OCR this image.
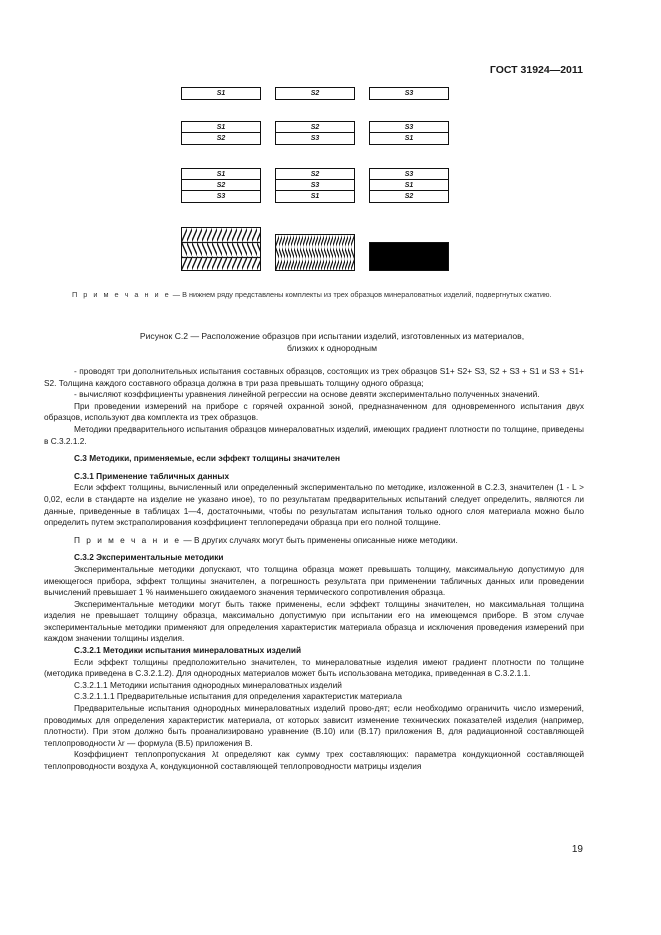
ГОСТ 31924—2011
S1	S2	S3
S1
S2
S2
S3
S3
S1
S1
S2
S3
S2
S3
S1
S3
S1
S2
П р и м е ч а н и е — В нижнем ряду представлены комплекты из трех образцов минераловатных изделий, подвергнутых сжатию.
Рисунок С.2 — Расположение образцов при испытании изделий, изготовленных из материалов,
близких к однородным

- проводят три дополнительных испытания составных образцов, состоящих из трех образцов S1+ S2+ S3, S2 + S3 + S1 и S3 + S1+ S2. Толщина каждого составного образца должна в три раза превышать толщину одного образца;

- вычисляют коэффициенты уравнения линейной регрессии на основе девяти экспериментально полученных значений.

При проведении измерений на приборе с горячей охранной зоной, предназначенном для одновременного испытания двух образцов, используют два комплекта из трех образцов.

Методики предварительного испытания образцов минераловатных изделий, имеющих градиент плотности по толщине, приведены в С.3.2.1.2.

С.3 Методики, применяемые, если эффект толщины значителен

С.3.1 Применение табличных данных

Если эффект толщины, вычисленный или определенный экспериментально по методике, изложенной в С.2.3, значителен (1 - L > 0,02, если в стандарте на изделие не указано иное), то по результатам предварительных испытаний следует определить, являются ли данные, приведенные в таблицах 1—4, достаточными, чтобы по результатам испытания только одного слоя материала можно было определить путем экстраполирования коэффициент теплопередачи образца при его полной толщине.

П р и м е ч а н и е — В других случаях могут быть применены описанные ниже методики.

С.3.2 Экспериментальные методики

Экспериментальные методики допускают, что толщина образца может превышать толщину, максимальную допустимую для имеющегося прибора, эффект толщины значителен, а погрешность результата при применении табличных данных или проведении вычислений превышает 1 % наименьшего ожидаемого значения термического сопротивления образца.

Экспериментальные методики могут быть также применены, если эффект толщины значителен, но максимальная толщина изделия не превышает толщину образца, максимально допустимую при испытании его на имеющемся приборе. В этом случае экспериментальные методики применяют для определения характеристик материала образца и исключения проведения измерений при каждом значении толщины изделия.

С.3.2.1 Методики испытания минераловатных изделий

Если эффект толщины предположительно значителен, то минераловатные изделия имеют градиент плотности по толщине (методика приведена в С.3.2.1.2). Для однородных материалов может быть использована методика, приведенная в С.3.2.1.1.

С.3.2.1.1 Методики испытания однородных минераловатных изделий

С.3.2.1.1.1 Предварительные испытания для определения характеристик материала

Предварительные испытания однородных минераловатных изделий прово-дят; если необходимо ограничить число измерений, проводимых для определения характеристик материала, от которых зависит изменение технических показателей изделия (например, плотности). При этом должно быть проанализировано уравнение (В.10) или (В.17) приложения В, для радиационной составляющей теплопроводности λr — формула (В.5) приложения В.

Коэффициент теплопропускания λt определяют как сумму трех составляющих: параметра кондукционной составляющей теплопроводности воздуха А, кондукционной составляющей теплопроводности матрицы изделия

19
